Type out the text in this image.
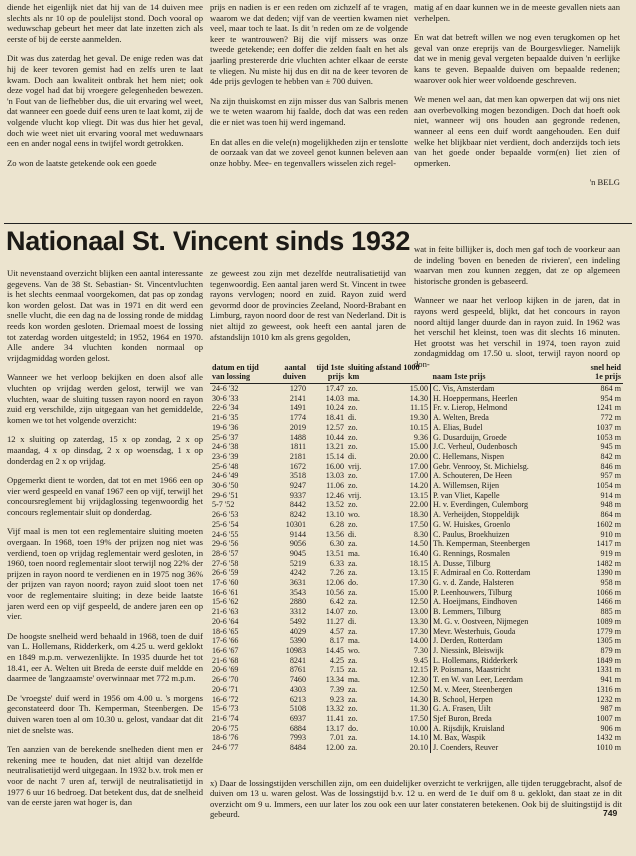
diende het eigenlijk niet dat hij van de 14 duiven mee slechts als nr 10 op de poulelijst stond. Doch vooral op weduwschap gebeurt het meer dat late inzetten zich als eerste of bij de eerste aanmelden.

Dit was dus zaterdag het geval. De enige reden was dat hij de keer tevoren gemist had en zelfs uren te laat kwam. Doch aan kwaliteit ontbrak het hem niet; ook deze vogel had dat bij vroegere gelegenheden bewezen. 'n Fout van de liefhebber dus, die uit ervaring wel weet, dat wanneer een goede duif eens uren te laat komt, zij de volgende vlucht kop vliegt. Dit was dus hier het geval, doch wie weet niet uit ervaring vooral met weduwnaars een en ander nogal eens in twijfel wordt getrokken.

Zo won de laatste getekende ook een goede

prijs en nadien is er een reden om zichzelf af te vragen, waarom we dat deden; vijf van de veertien kwamen niet veel, maar toch te laat. Is dit 'n reden om ze de volgende keer te wantrouwen? Bij die vijf missers was onze tweede getekende; een doffer die zelden faalt en het als jaarling prestererde drie vluchten achter elkaar de eerste te vliegen. Nu miste hij dus en dit na de keer tevoren de 4de prijs gevlogen te hebben van ± 700 duiven.

Na zijn thuiskomst en zijn misser dus van Salbris menen we te weten waarom hij faalde, doch dat was een reden die er niet was toen hij werd ingemand.

En dat alles en die vele(n) mogelijkheden zijn er tenslotte de oorzaak van dat we zoveel genot kunnen beleven aan onze hobby. Mee- en tegenvallers wisselen zich regel-

matig af en daar kunnen we in de meeste gevallen niets aan verhelpen.

En wat dat betreft willen we nog even terugkomen op het geval van onze ereprijs van de Bourgesvlieger. Namelijk dat we in menig geval vergeten bepaalde duiven 'n eerlijke kans te geven. Bepaalde duiven om bepaalde redenen; waarover ook hier weer voldoende geschreven.

We menen wel aan, dat men kan opwerpen dat wij ons niet aan overbevolking mogen bezondigen. Doch dat hoeft ook niet, wanneer wij ons houden aan gegronde redenen, wanneer al eens een duif wordt aangehouden. Een duif welke het blijkbaar niet verdient, doch anderzijds toch iets van het goede onder bepaalde vorm(en) liet zien of opmerken.

'n BELG
Nationaal St. Vincent sinds 1932 wat in feite billijker is, doch men gaf toch de voorkeur aan de indeling 'boven en beneden de rivieren', een indeling waarvan men zou kunnen zeggen, dat ze op algemeen historische gronden is gebaseerd.

Wanneer we naar het verloop kijken in de jaren, dat in rayons werd gespeeld, blijkt, dat het concours in rayon noord altijd langer duurde dan in rayon zuid. In 1962 was het verschil het kleinst, toen was dit slechts 16 minuten. Het grootst was het verschil in 1974, toen rayon zuid zondagmiddag om 17.50 u. sloot, terwijl rayon noord op don-

Uit nevenstaand overzicht blijken een aantal interessante gegevens. Van de 38 St. Sebastian- St. Vincentvluchten is het slechts eenmaal voorgekomen, dat pas op zondag kon worden gelost. Dat was in 1971 en dit werd een snelle vlucht, die een dag na de lossing ronde de middag reeds kon worden gesloten. Driemaal moest de lossing tot zaterdag worden uitgesteld; in 1952, 1964 en 1970. Alle andere 34 vluchten konden normaal op vrijdagmiddag worden gelost.

Wanneer we het verloop bekijken en doen alsof alle vluchten op vrijdag werden gelost, terwijl we van vluchten, waar de sluiting tussen rayon noord en rayon zuid erg verschilde, zijn uitgegaan van het gemiddelde, komen we tot het volgende overzicht:

12 x sluiting op zaterdag, 15 x op zondag, 2 x op maandag, 4 x op dinsdag, 2 x op woensdag, 1 x op donderdag en 2 x op vrijdag.

Opgemerkt dient te worden, dat tot en met 1966 een op vier werd gespeeld en vanaf 1967 een op vijf, terwijl het concoursreglement bij vrijdaglossing tegenwoordig het concours reglementair sluit op donderdag.

Vijf maal is men tot een reglementaire sluiting moeten overgaan. In 1968, toen 19% der prijzen nog niet was verdiend, toen op vrijdag reglementair werd gesloten, in 1960, toen noord reglementair sloot terwijl nog 22% der prijzen in rayon noord te verdienen en in 1975 nog 36% der prijzen van rayon noord; rayon zuid sloot toen net voor de reglementaire sluiting; in deze beide laatste jaren werd een op vijf gespeeld, de andere jaren een op vier.

De hoogste snelheid werd behaald in 1968, toen de duif van L. Hollemans, Ridderkerk, om 4.25 u. werd geklokt en 1849 m.p.m. verwezenlijkte. In 1935 duurde het tot 18.41, eer A. Welten uit Breda de eerste duif meldde en daarmee de 'langzaamste' overwinnaar met 772 m.p.m.

De 'vroegste' duif werd in 1956 om 4.00 u. 's morgens geconstateerd door Th. Kemperman, Steenbergen. De duiven waren toen al om 10.30 u. gelost, vandaar dat dit niet de snelste was.

Ten aanzien van de berekende snelheden dient men er rekening mee te houden, dat niet altijd van dezelfde neutralisatietijd werd uitgegaan. In 1932 b.v. trok men er voor de nacht 7 uren af, terwijl de neutralisatietijd in 1977 6 uur 16 bedroeg. Dat betekent dus, dat de snelheid van de eerste jaren wat hoger is, dan

ze geweest zou zijn met dezelfde neutralisatietijd van tegenwoordig. Een aantal jaren werd St. Vincent in twee rayons vervlogen; noord en zuid. Rayon zuid werd gevormd door de provincies Zeeland, Noord-Brabant en Limburg, rayon noord door de rest van Nederland. Dit is niet altijd zo geweest, ook heeft een aantal jaren de afstandslijn 1010 km als grens gegolden,

datum en tijd van lossing	aantal duiven	tijd 1ste prijs	sluiting afstand 1000 km		naam 1ste prijs	snel heid 1e prijs
24-6 '32	1270	17.47	zo.	15.00	C. Vis, Amsterdam	864 m
30-6 '33	2141	14.03	ma.	14.30	H. Hoeppermans, Heerlen	954 m
22-6 '34	1491	10.24	zo.	11.15	Fr. v. Lierop, Helmond	1241 m
21-6 '35	1774	18.41	di.	19.30	A. Welten, Breda	772 m
19-6 '36	2019	12.57	zo.	10.15	A. Elias, Budel	1037 m
25-6 '37	1488	10.44	zo.	9.36	G. Dusarduijn, Groede	1053 m
24-6 '38	1811	13.21	zo.	15.00	J.C. Verheul, Oudenbosch	945 m
23-6 '39	2181	15.14	di.	20.00	C. Hellemans, Nispen	842 m
25-6 '48	1672	16.00	vrij.	17.00	Gebr. Venrooy, St. Michielsg.	846 m
24-6 '49	3518	13.03	zo.	17.00	A. Schouteren, De Heen	957 m
30-6 '50	9247	11.06	zo.	14.20	A. Willemsen, Rijen	1054 m
29-6 '51	9337	12.46	vrij.	13.15	P. van Vliet, Kapelle	914 m
5-7 '52	8442	13.52	zo.	22.00	H. v. Everdingen, Culemborg	948 m
26-6 '53	8242	13.10	wo.	18.30	A. Verheijden, Stoppeldijk	864 m
25-6 '54	10301	6.28	zo.	17.50	G. W. Huiskes, Groenlo	1602 m
24-6 '55	9144	13.56	di.	8.30	C. Paulus, Broekhuizen	910 m
29-6 '56	9056	6.30	za.	14.50	Th. Kemperman, Steenbergen	1417 m
28-6 '57	9045	13.51	ma.	16.40	G. Rennings, Rosmalen	919 m
27-6 '58	5219	6.33	za.	18.15	A. Dusse, Tilburg	1482 m
26-6 '59	4242	7.26	za.	13.15	F. Admiraal en Co. Rotterdam	1390 m
17-6 '60	3631	12.06	do.	17.30	G. v. d. Zande, Halsteren	958 m
16-6 '61	3543	10.56	za.	15.00	P. Leenhouwers, Tilburg	1066 m
15-6 '62	2880	6.42	za.	12.50	A. Hoeijmans, Eindhoven	1466 m
21-6 '63	3312	14.07	zo.	13.00	B. Lemmers, Tilburg	885 m
20-6 '64	5492	11.27	di.	13.30	M. G. v. Oostveen, Nijmegen	1089 m
18-6 '65	4029	4.57	za.	17.30	Mevr. Westerhuis, Gouda	1779 m
17-6 '66	5390	8.17	ma.	14.00	J. Derden, Rotterdam	1305 m
16-6 '67	10983	14.45	wo.	7.30	J. Niessink, Bleiswijk	879 m
21-6 '68	8241	4.25	za.	9.45	L. Hollemans, Ridderkerk	1849 m
20-6 '69	8761	7.15	za.	12.15	P. Poismans, Maastricht	1331 m
26-6 '70	7460	13.34	ma.	12.30	T. en W. van Leer, Leerdam	941 m
20-6 '71	4303	7.39	za.	12.50	M. v. Meer, Steenbergen	1316 m
16-6 '72	6213	9.23	za.	14.30	B. School, Herpen	1232 m
15-6 '73	5108	13.32	zo.	11.30	G. A. Frasen, Uilt	987 m
21-6 '74	6937	11.41	zo.	17.50	Sjef Buron, Breda	1007 m
20-6 '75	6884	13.17	do.	10.00	A. Rijsdijk, Kruisland	906 m
18-6 '76	7993	7.01	za.	14.10	M. Bax, Waspik	1432 m
24-6 '77	8484	12.00	za.	20.10	J. Coenders, Reuver	1010 m
x) Daar de lossingstijden verschillen zijn, om een duidelijker overzicht te verkrijgen, alle tijden teruggebracht, alsof de duiven om 13 u. waren gelost. Was de lossingstijd b.v. 12 u. en werd de 1e duif om 8 u. geklokt, dan staat ze in dit overzicht om 9 u. Immers, een uur later los zou ook een uur later constateren betekenen. Ook bij de sluitingstijd is dit gebeurd.	749
